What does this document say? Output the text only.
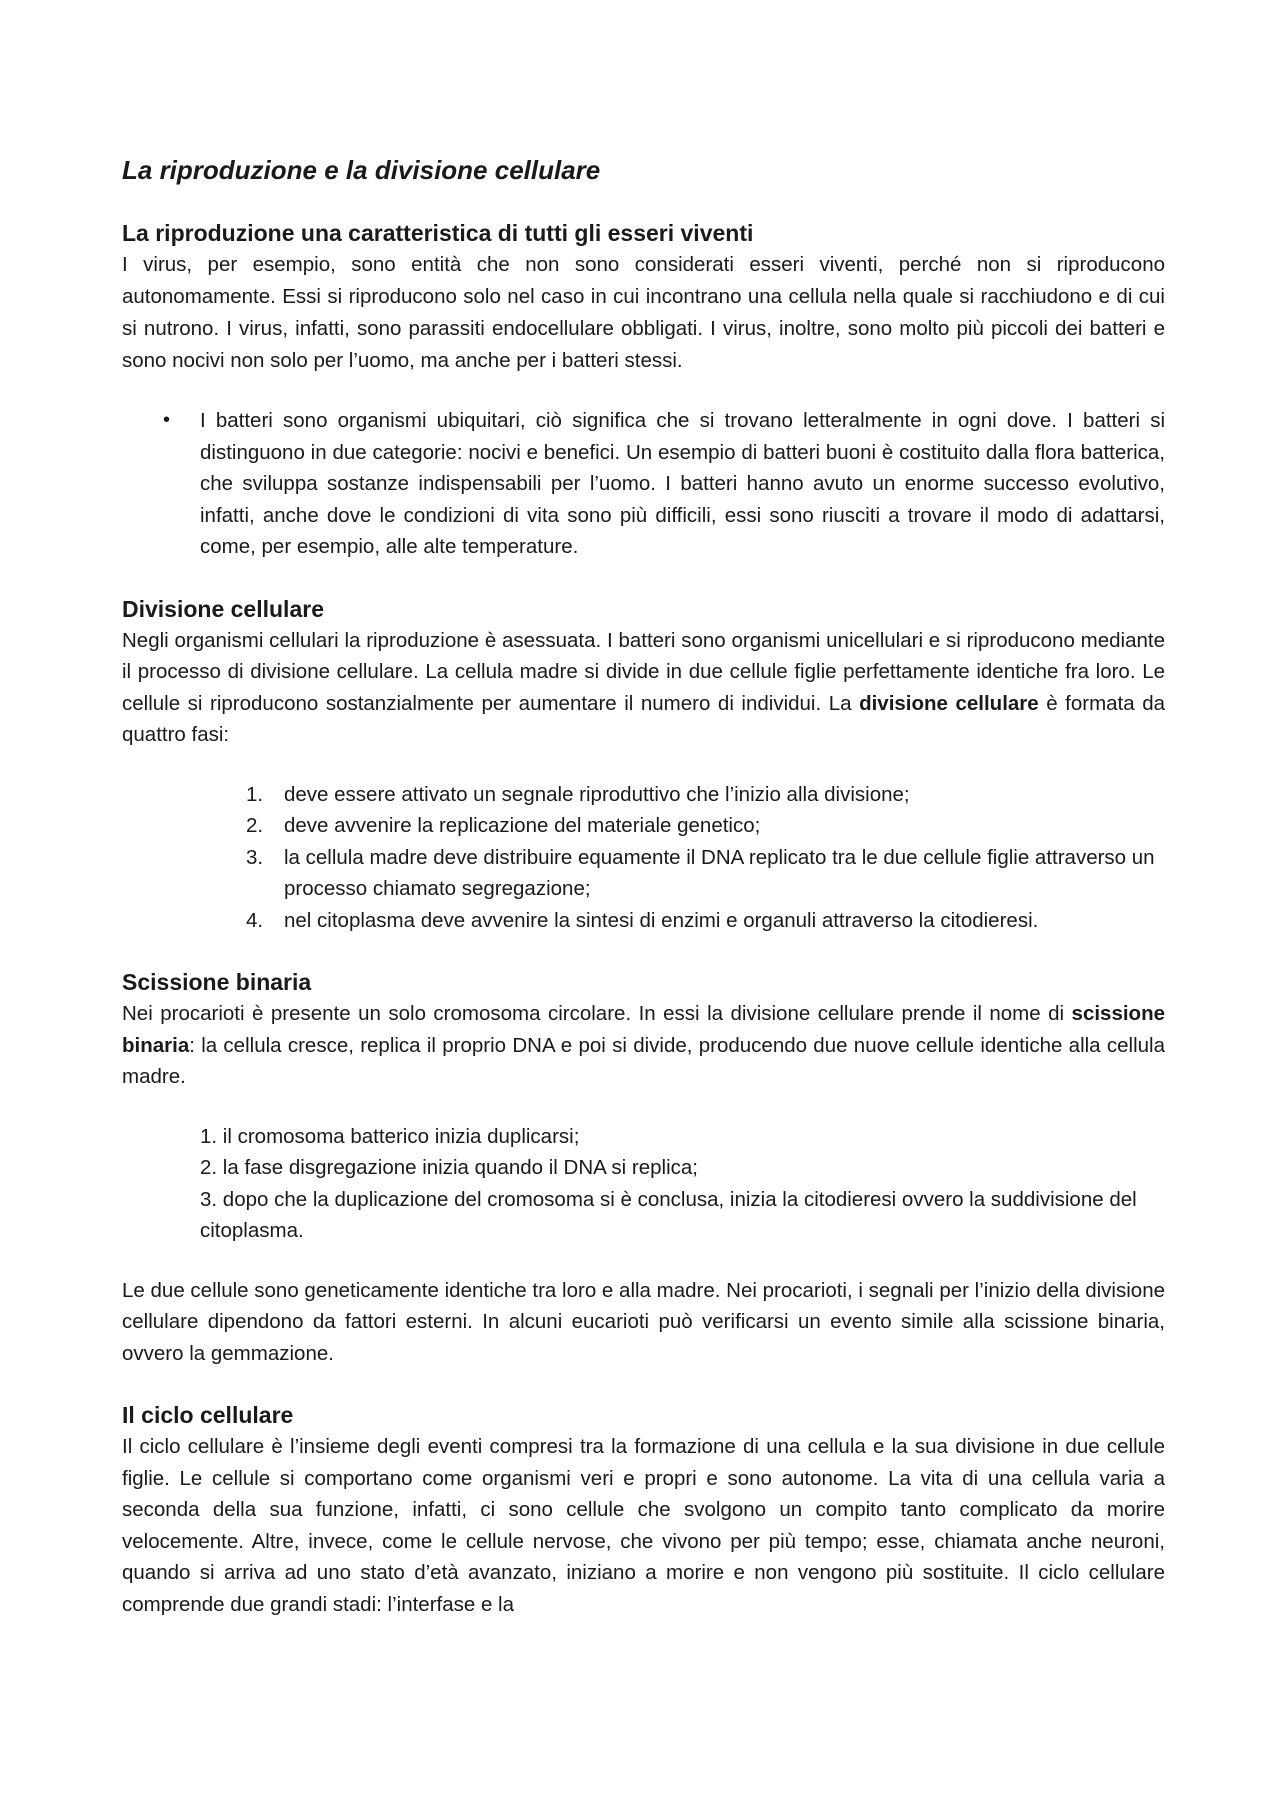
La riproduzione e la divisione cellulare
La riproduzione una caratteristica di tutti gli esseri viventi

I virus, per esempio, sono entità che non sono considerati esseri viventi, perché non si riproducono autonomamente. Essi si riproducono solo nel caso in cui incontrano una cellula nella quale si racchiudono e di cui si nutrono. I virus, infatti, sono parassiti endocellulare obbligati. I virus, inoltre, sono molto più piccoli dei batteri e sono nocivi non solo per l’uomo, ma anche per i batteri stessi.

• I batteri sono organismi ubiquitari, ciò significa che si trovano letteralmente in ogni dove. I batteri si distinguono in due categorie: nocivi e benefici. Un esempio di batteri buoni è costituito dalla flora batterica, che sviluppa sostanze indispensabili per l’uomo. I batteri hanno avuto un enorme successo evolutivo, infatti, anche dove le condizioni di vita sono più difficili, essi sono riusciti a trovare il modo di adattarsi, come, per esempio, alle alte temperature.
Divisione cellulare

Negli organismi cellulari la riproduzione è asessuata. I batteri sono organismi unicellulari e si riproducono mediante il processo di divisione cellulare. La cellula madre si divide in due cellule figlie perfettamente identiche fra loro. Le cellule si riproducono sostanzialmente per aumentare il numero di individui. La divisione cellulare è formata da quattro fasi:

1. deve essere attivato un segnale riproduttivo che l’inizio alla divisione;
2. deve avvenire la replicazione del materiale genetico;
3. la cellula madre deve distribuire equamente il DNA replicato tra le due cellule figlie attraverso un processo chiamato segregazione;
4. nel citoplasma deve avvenire la sintesi di enzimi e organuli attraverso la citodieresi.
Scissione binaria

Nei procarioti è presente un solo cromosoma circolare. In essi la divisione cellulare prende il nome di scissione binaria: la cellula cresce, replica il proprio DNA e poi si divide, producendo due nuove cellule identiche alla cellula madre.

1. il cromosoma batterico inizia duplicarsi;
2. la fase disgregazione inizia quando il DNA si replica;
3. dopo che la duplicazione del cromosoma si è conclusa, inizia la citodieresi ovvero la suddivisione del citoplasma.

Le due cellule sono geneticamente identiche tra loro e alla madre. Nei procarioti, i segnali per l’inizio della divisione cellulare dipendono da fattori esterni. In alcuni eucarioti può verificarsi un evento simile alla scissione binaria, ovvero la gemmazione.

Il ciclo cellulare

Il ciclo cellulare è l’insieme degli eventi compresi tra la formazione di una cellula e la sua divisione in due cellule figlie. Le cellule si comportano come organismi veri e propri e sono autonome. La vita di una cellula varia a seconda della sua funzione, infatti, ci sono cellule che svolgono un compito tanto complicato da morire velocemente. Altre, invece, come le cellule nervose, che vivono per più tempo; esse, chiamata anche neuroni, quando si arriva ad uno stato d’età avanzato, iniziano a morire e non vengono più sostituite. Il ciclo cellulare comprende due grandi stadi: l’interfase e la
